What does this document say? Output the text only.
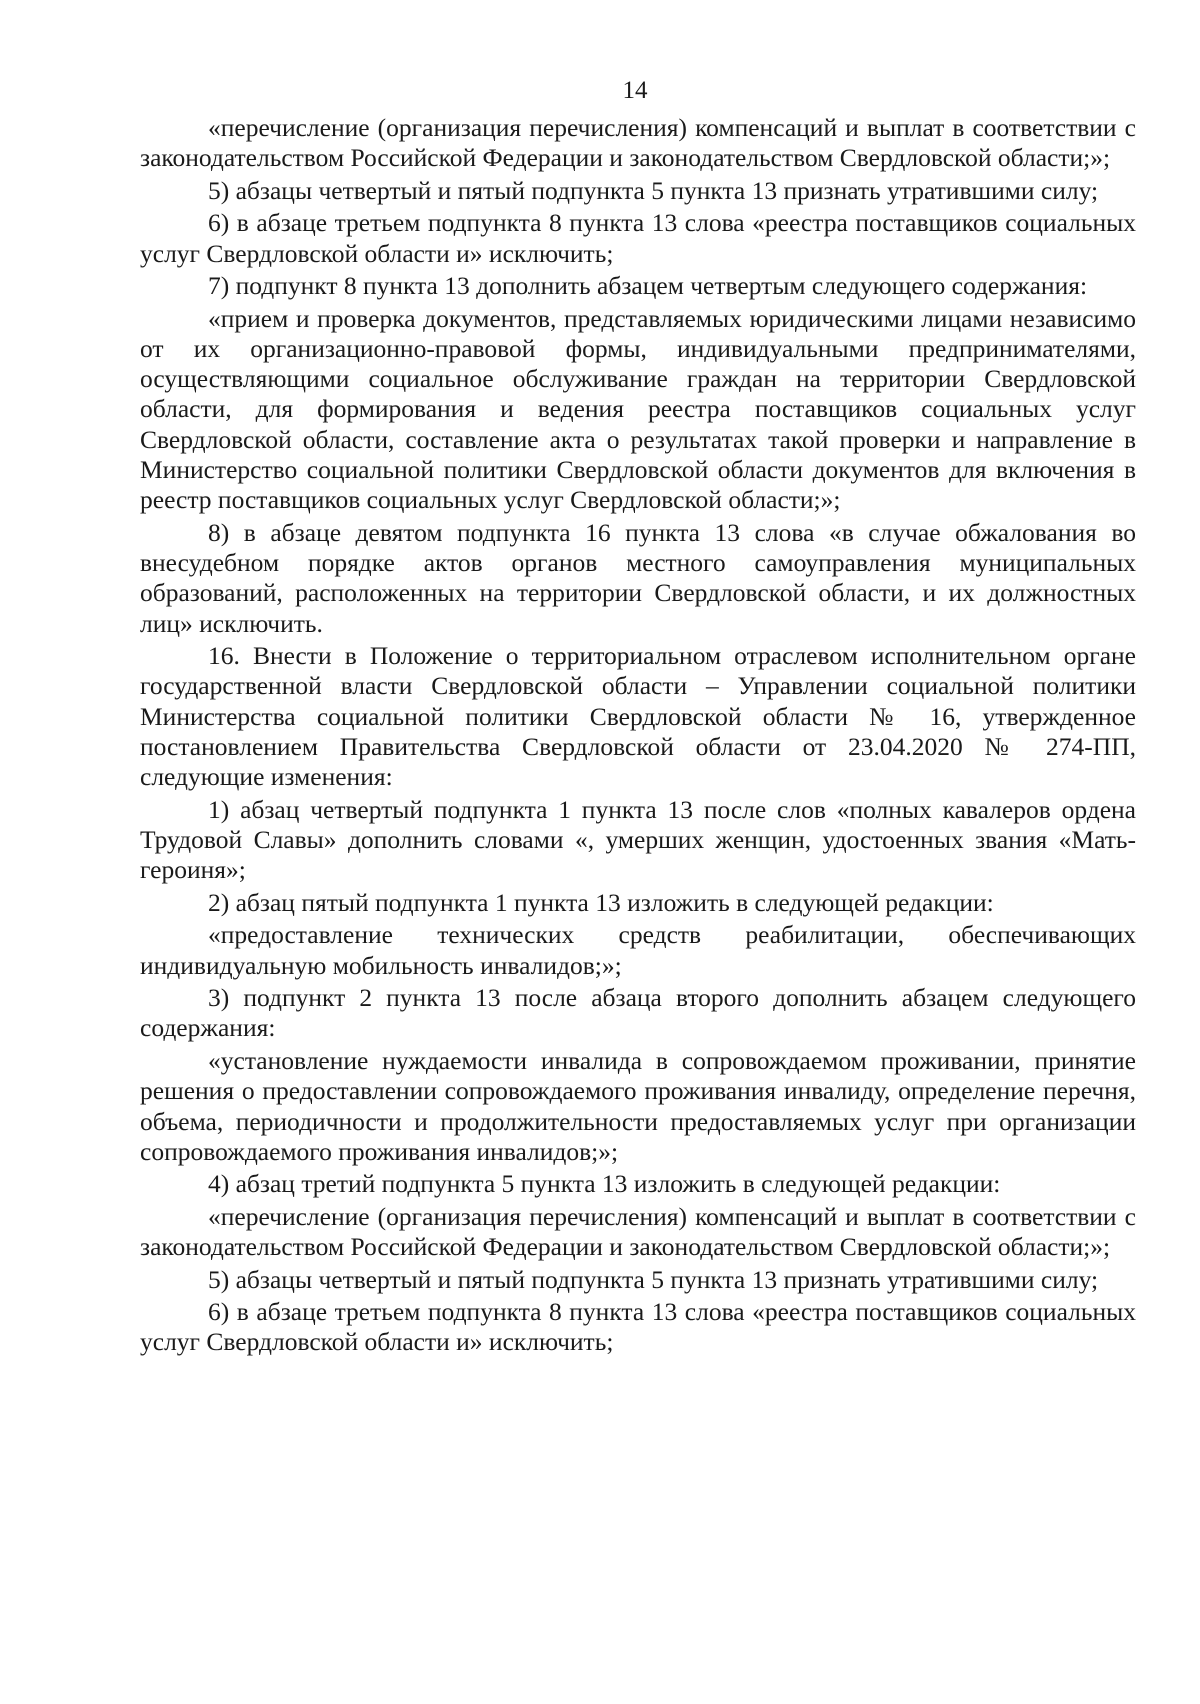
14

«перечисление (организация перечисления) компенсаций и выплат в соответствии с законодательством Российской Федерации и законодательством Свердловской области;»;

5) абзацы четвертый и пятый подпункта 5 пункта 13 признать утратившими силу;

6) в абзаце третьем подпункта 8 пункта 13 слова «реестра поставщиков социальных услуг Свердловской области и» исключить;

7) подпункт 8 пункта 13 дополнить абзацем четвертым следующего содержания:

«прием и проверка документов, представляемых юридическими лицами независимо от их организационно-правовой формы, индивидуальными предпринимателями, осуществляющими социальное обслуживание граждан на территории Свердловской области, для формирования и ведения реестра поставщиков социальных услуг Свердловской области, составление акта о результатах такой проверки и направление в Министерство социальной политики Свердловской области документов для включения в реестр поставщиков социальных услуг Свердловской области;»;

8) в абзаце девятом подпункта 16 пункта 13 слова «в случае обжалования во внесудебном порядке актов органов местного самоуправления муниципальных образований, расположенных на территории Свердловской области, и их должностных лиц» исключить.

16. Внести в Положение о территориальном отраслевом исполнительном органе государственной власти Свердловской области – Управлении социальной политики Министерства социальной политики Свердловской области № 16, утвержденное постановлением Правительства Свердловской области от 23.04.2020 № 274-ПП, следующие изменения:

1) абзац четвертый подпункта 1 пункта 13 после слов «полных кавалеров ордена Трудовой Славы» дополнить словами «, умерших женщин, удостоенных звания «Мать-героиня»;

2) абзац пятый подпункта 1 пункта 13 изложить в следующей редакции:

«предоставление технических средств реабилитации, обеспечивающих индивидуальную мобильность инвалидов;»;

3) подпункт 2 пункта 13 после абзаца второго дополнить абзацем следующего содержания:

«установление нуждаемости инвалида в сопровождаемом проживании, принятие решения о предоставлении сопровождаемого проживания инвалиду, определение перечня, объема, периодичности и продолжительности предоставляемых услуг при организации сопровождаемого проживания инвалидов;»;

4) абзац третий подпункта 5 пункта 13 изложить в следующей редакции:

«перечисление (организация перечисления) компенсаций и выплат в соответствии с законодательством Российской Федерации и законодательством Свердловской области;»;

5) абзацы четвертый и пятый подпункта 5 пункта 13 признать утратившими силу;

6) в абзаце третьем подпункта 8 пункта 13 слова «реестра поставщиков социальных услуг Свердловской области и» исключить;
